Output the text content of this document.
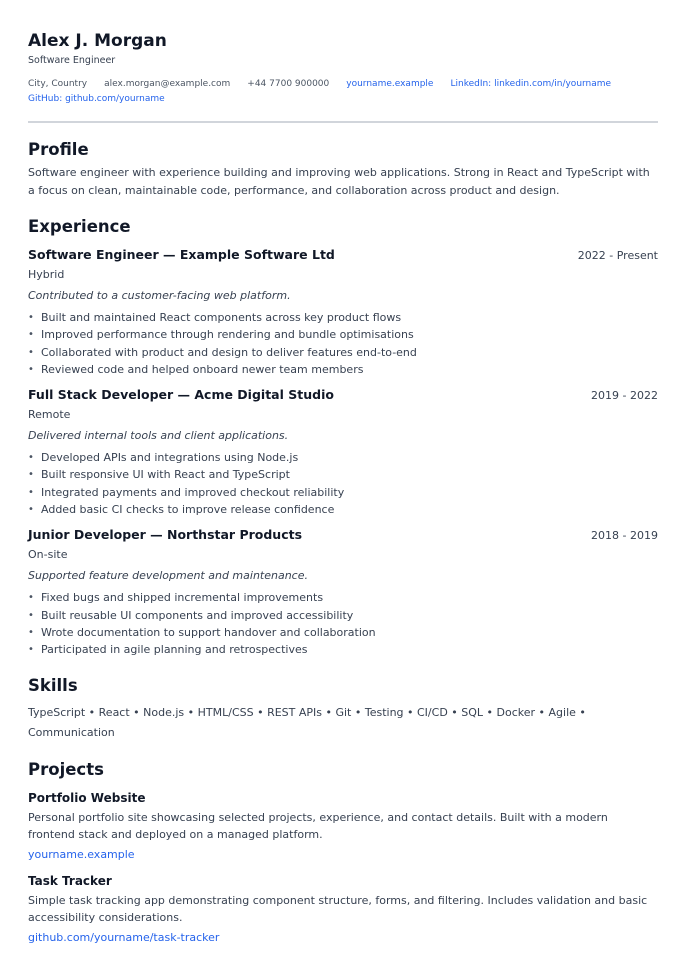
Alex J. Morgan
Software Engineer
City, Country alex.morgan@example.com +44 7700 900000 yourname.example LinkedIn: linkedin.com/in/yourname
GitHub: github.com/yourname
Profile
Software engineer with experience building and improving web applications. Strong in React and TypeScript with a focus on clean, maintainable code, performance, and collaboration across product and design.
Experience
Software Engineer — Example Software Ltd	2022 - Present
Hybrid
Contributed to a customer-facing web platform.
• Built and maintained React components across key product flows
• Improved performance through rendering and bundle optimisations
• Collaborated with product and design to deliver features end-to-end
• Reviewed code and helped onboard newer team members
Full Stack Developer — Acme Digital Studio	2019 - 2022
Remote
Delivered internal tools and client applications.
• Developed APIs and integrations using Node.js
• Built responsive UI with React and TypeScript
• Integrated payments and improved checkout reliability
• Added basic CI checks to improve release confidence
Junior Developer — Northstar Products	2018 - 2019
On-site
Supported feature development and maintenance.
• Fixed bugs and shipped incremental improvements
• Built reusable UI components and improved accessibility
• Wrote documentation to support handover and collaboration
• Participated in agile planning and retrospectives
Skills
TypeScript • React • Node.js • HTML/CSS • REST APIs • Git • Testing • CI/CD • SQL • Docker • Agile • Communication
Projects
Portfolio Website
Personal portfolio site showcasing selected projects, experience, and contact details. Built with a modern frontend stack and deployed on a managed platform.
yourname.example
Task Tracker
Simple task tracking app demonstrating component structure, forms, and filtering. Includes validation and basic accessibility considerations.
github.com/yourname/task-tracker
